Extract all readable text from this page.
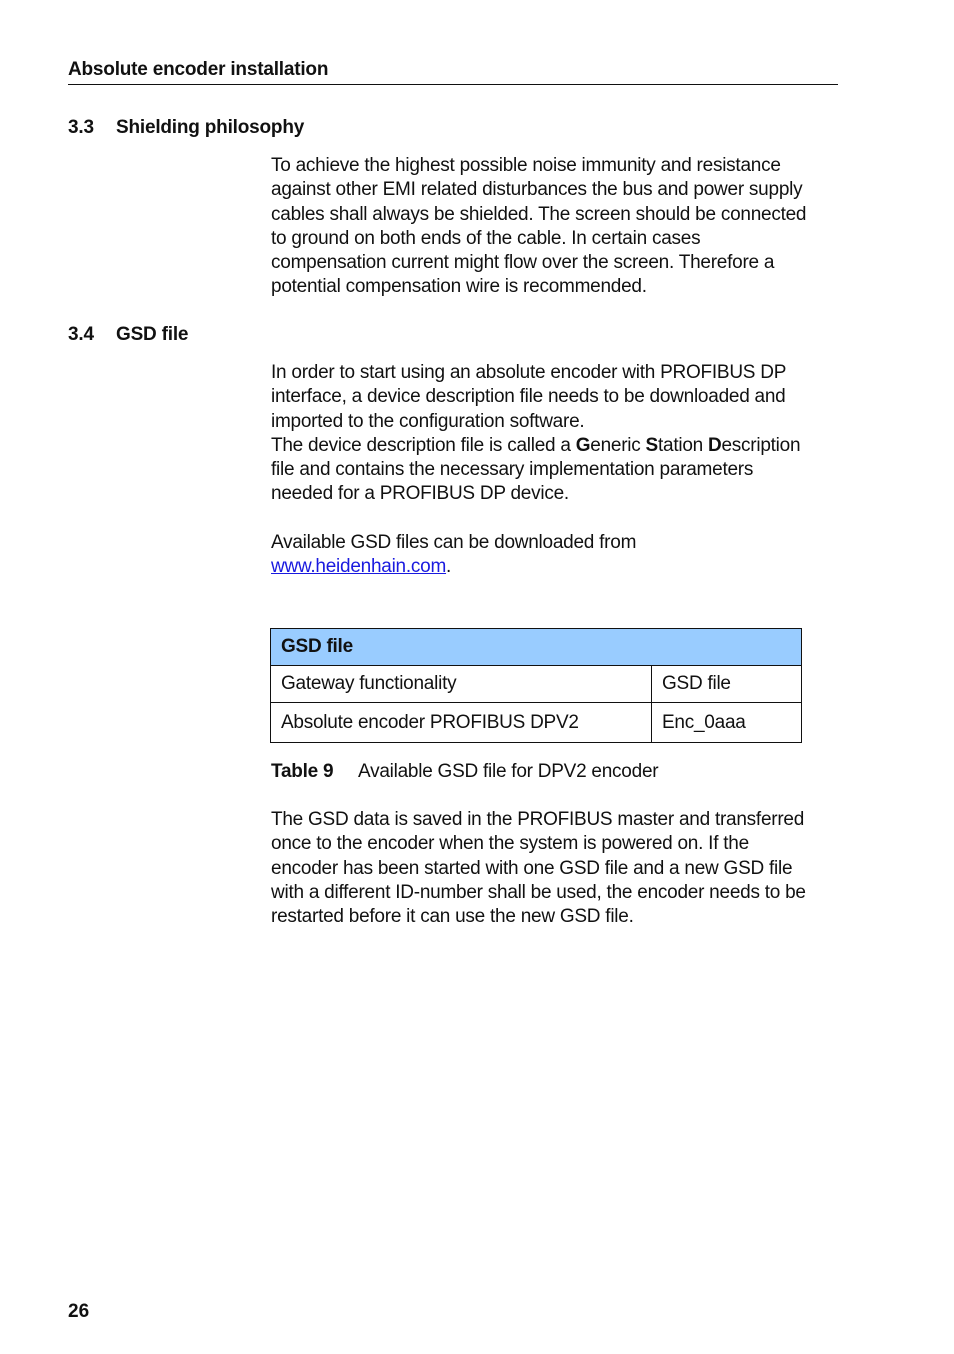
Absolute encoder installation
3.3 Shielding philosophy

To achieve the highest possible noise immunity and resistance

against other EMI related disturbances the bus and power supply

cables shall always be shielded. The screen should be connected

to ground on both ends of the cable. In certain cases

compensation current might flow over the screen. Therefore a

potential compensation wire is recommended.

3.4 GSD file

In order to start using an absolute encoder with PROFIBUS DP

interface, a device description file needs to be downloaded and

imported to the configuration software.

The device description file is called a Generic Station Description

file and contains the necessary implementation parameters

needed for a PROFIBUS DP device.

Available GSD files can be downloaded from

www.heidenhain.com.

GSD file	
Gateway functionality	GSD file
Absolute encoder PROFIBUS DPV2	Enc_0aaa
Table 9 Available GSD file for DPV2 encoder

The GSD data is saved in the PROFIBUS master and transferred

once to the encoder when the system is powered on. If the

encoder has been started with one GSD file and a new GSD file

with a different ID-number shall be used, the encoder needs to be

restarted before it can use the new GSD file.

26
